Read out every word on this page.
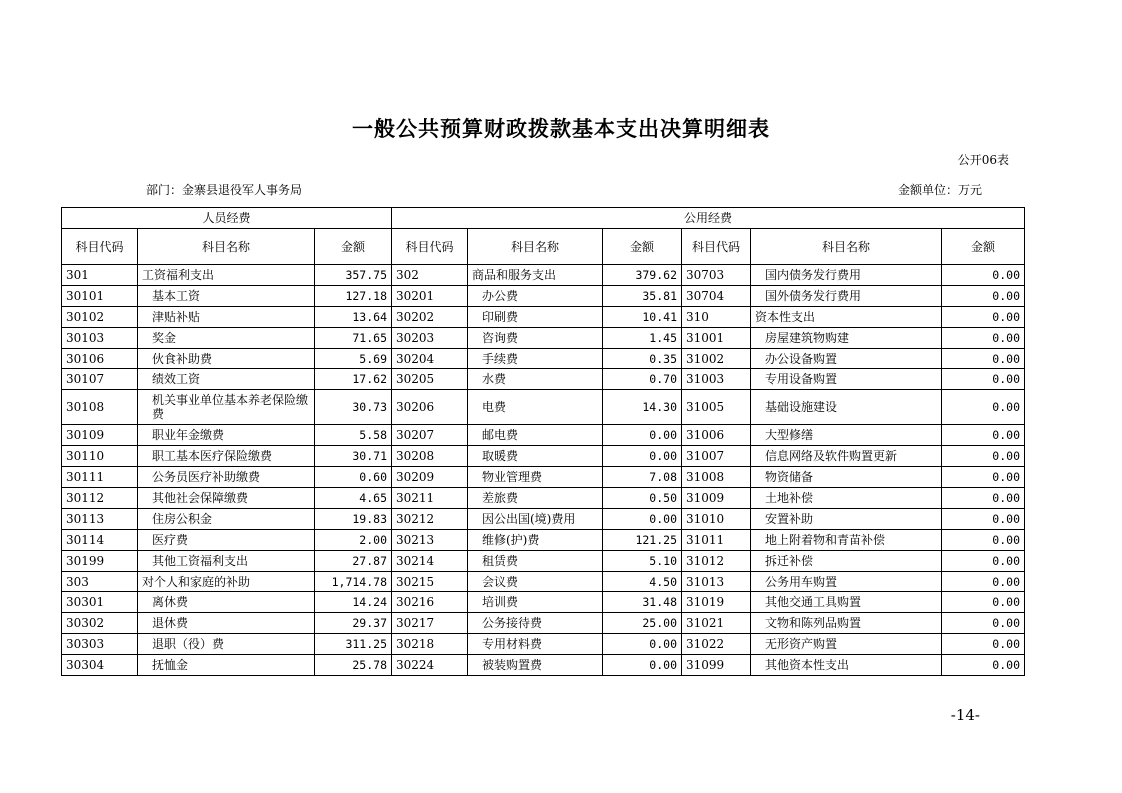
一般公共预算财政拨款基本支出决算明细表
公开06表
部门：金寨县退役军人事务局	金额单位：万元
人员经费			公用经费					
科目代码	科目名称	金额	科目代码	科目名称	金额	科目代码	科目名称	金额
301	工资福利支出	357.75	302	商品和服务支出	379.62	30703	国内债务发行费用	0.00
30101	基本工资	127.18	30201	办公费	35.81	30704	国外债务发行费用	0.00
30102	津贴补贴	13.64	30202	印刷费	10.41	310	资本性支出	0.00
30103	奖金	71.65	30203	咨询费	1.45	31001	房屋建筑物购建	0.00
30106	伙食补助费	5.69	30204	手续费	0.35	31002	办公设备购置	0.00
30107	绩效工资	17.62	30205	水费	0.70	31003	专用设备购置	0.00
30108	机关事业单位基本养老保险缴费	30.73	30206	电费	14.30	31005	基础设施建设	0.00
30109	职业年金缴费	5.58	30207	邮电费	0.00	31006	大型修缮	0.00
30110	职工基本医疗保险缴费	30.71	30208	取暖费	0.00	31007	信息网络及软件购置更新	0.00
30111	公务员医疗补助缴费	0.60	30209	物业管理费	7.08	31008	物资储备	0.00
30112	其他社会保障缴费	4.65	30211	差旅费	0.50	31009	土地补偿	0.00
30113	住房公积金	19.83	30212	因公出国(境)费用	0.00	31010	安置补助	0.00
30114	医疗费	2.00	30213	维修(护)费	121.25	31011	地上附着物和青苗补偿	0.00
30199	其他工资福利支出	27.87	30214	租赁费	5.10	31012	拆迁补偿	0.00
303	对个人和家庭的补助	1,714.78	30215	会议费	4.50	31013	公务用车购置	0.00
30301	离休费	14.24	30216	培训费	31.48	31019	其他交通工具购置	0.00
30302	退休费	29.37	30217	公务接待费	25.00	31021	文物和陈列品购置	0.00
30303	退职（役）费	311.25	30218	专用材料费	0.00	31022	无形资产购置	0.00
30304	抚恤金	25.78	30224	被装购置费	0.00	31099	其他资本性支出	0.00
-14-
